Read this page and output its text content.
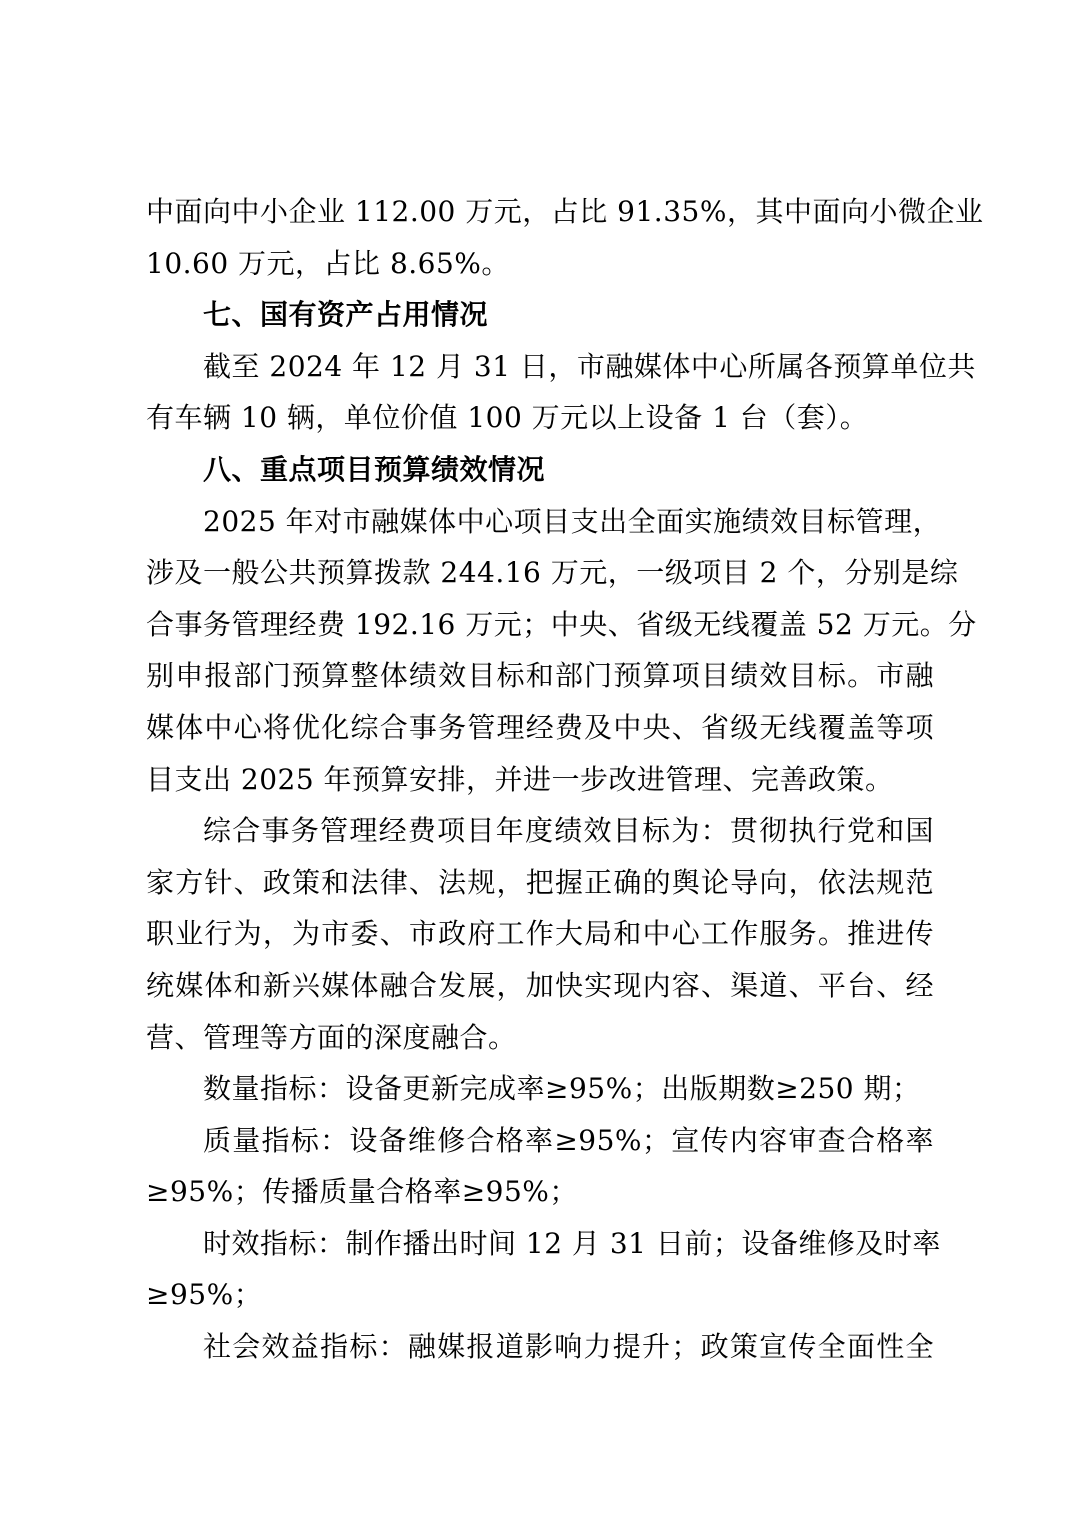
中面向中小企业 112.00 万元，占比 91.35%，其中面向小微企业
10.60 万元，占比 8.65%。
七、国有资产占用情况
截至 2024 年 12 月 31 日，市融媒体中心所属各预算单位共
有车辆 10 辆，单位价值 100 万元以上设备 1 台（套）。
八、重点项目预算绩效情况
2025 年对市融媒体中心项目支出全面实施绩效目标管理，
涉及一般公共预算拨款 244.16 万元，一级项目 2 个，分别是综
合事务管理经费 192.16 万元；中央、省级无线覆盖 52 万元。分
别申报部门预算整体绩效目标和部门预算项目绩效目标。市融
媒体中心将优化综合事务管理经费及中央、省级无线覆盖等项
目支出 2025 年预算安排，并进一步改进管理、完善政策。
综合事务管理经费项目年度绩效目标为：贯彻执行党和国
家方针、政策和法律、法规，把握正确的舆论导向，依法规范
职业行为，为市委、市政府工作大局和中心工作服务。推进传
统媒体和新兴媒体融合发展，加快实现内容、渠道、平台、经
营、管理等方面的深度融合。
数量指标：设备更新完成率≥95%；出版期数≥250 期；
质量指标：设备维修合格率≥95%；宣传内容审查合格率
≥95%；传播质量合格率≥95%；
时效指标：制作播出时间 12 月 31 日前；设备维修及时率
≥95%；
社会效益指标：融媒报道影响力提升；政策宣传全面性全
